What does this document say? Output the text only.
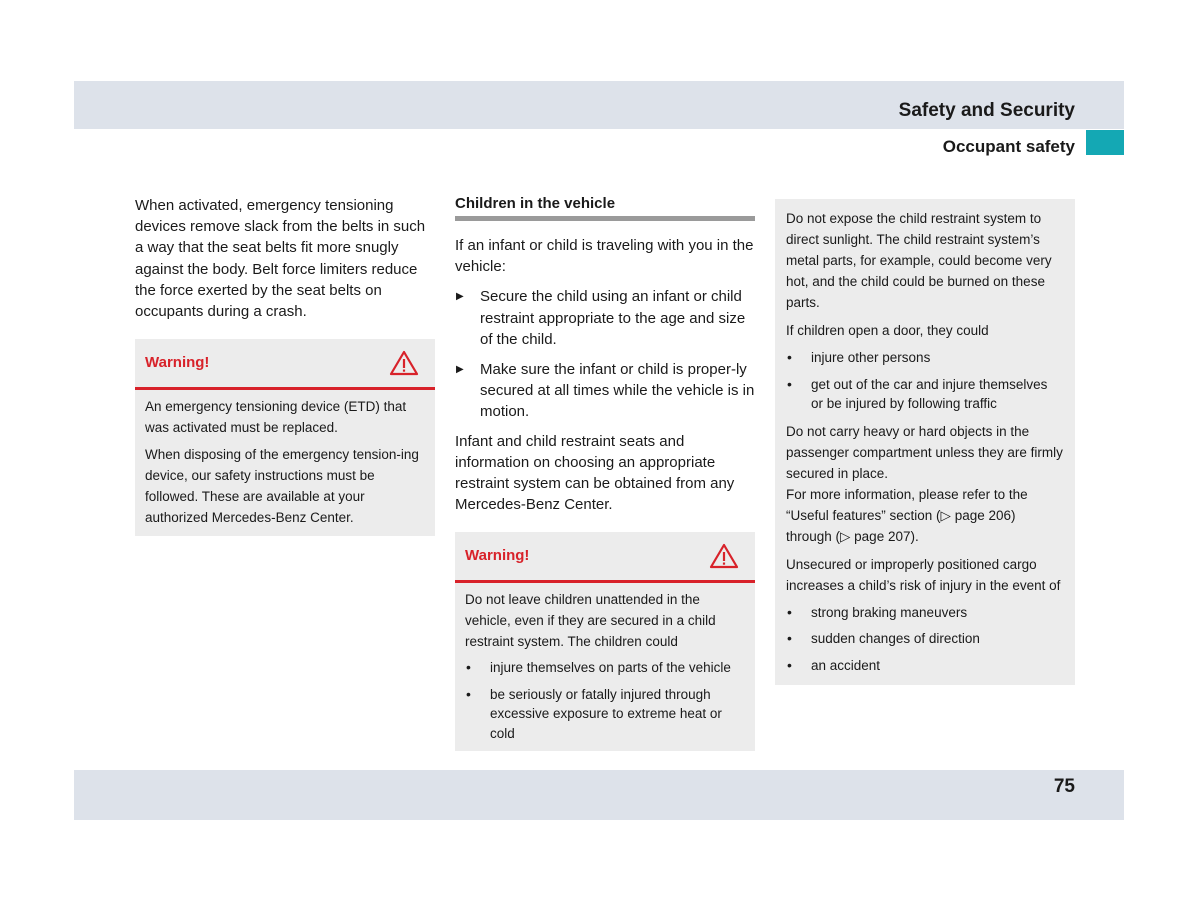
Safety and Security
Occupant safety

When activated, emergency tensioning devices remove slack from the belts in such a way that the seat belts fit more snugly against the body. Belt force limiters reduce the force exerted by the seat belts on occupants during a crash.

Warning!

An emergency tensioning device (ETD) that was activated must be replaced.

When disposing of the emergency tension-ing device, our safety instructions must be followed. These are available at your authorized Mercedes-Benz Center.

Children in the vehicle

If an infant or child is traveling with you in the vehicle:

▶ Secure the child using an infant or child restraint appropriate to the age and size of the child.
▶ Make sure the infant or child is proper-ly secured at all times while the vehicle is in motion.

Infant and child restraint seats and information on choosing an appropriate restraint system can be obtained from any Mercedes-Benz Center.

Warning!

Do not leave children unattended in the vehicle, even if they are secured in a child restraint system. The children could

• injure themselves on parts of the vehicle
• be seriously or fatally injured through excessive exposure to extreme heat or cold

Do not expose the child restraint system to direct sunlight. The child restraint system’s metal parts, for example, could become very hot, and the child could be burned on these parts.

If children open a door, they could

• injure other persons
• get out of the car and injure themselves or be injured by following traffic

Do not carry heavy or hard objects in the passenger compartment unless they are firmly secured in place.

For more information, please refer to the “Useful features” section (▷ page 206) through (▷ page 207).

Unsecured or improperly positioned cargo increases a child’s risk of injury in the event of

• strong braking maneuvers
• sudden changes of direction
• an accident
75
